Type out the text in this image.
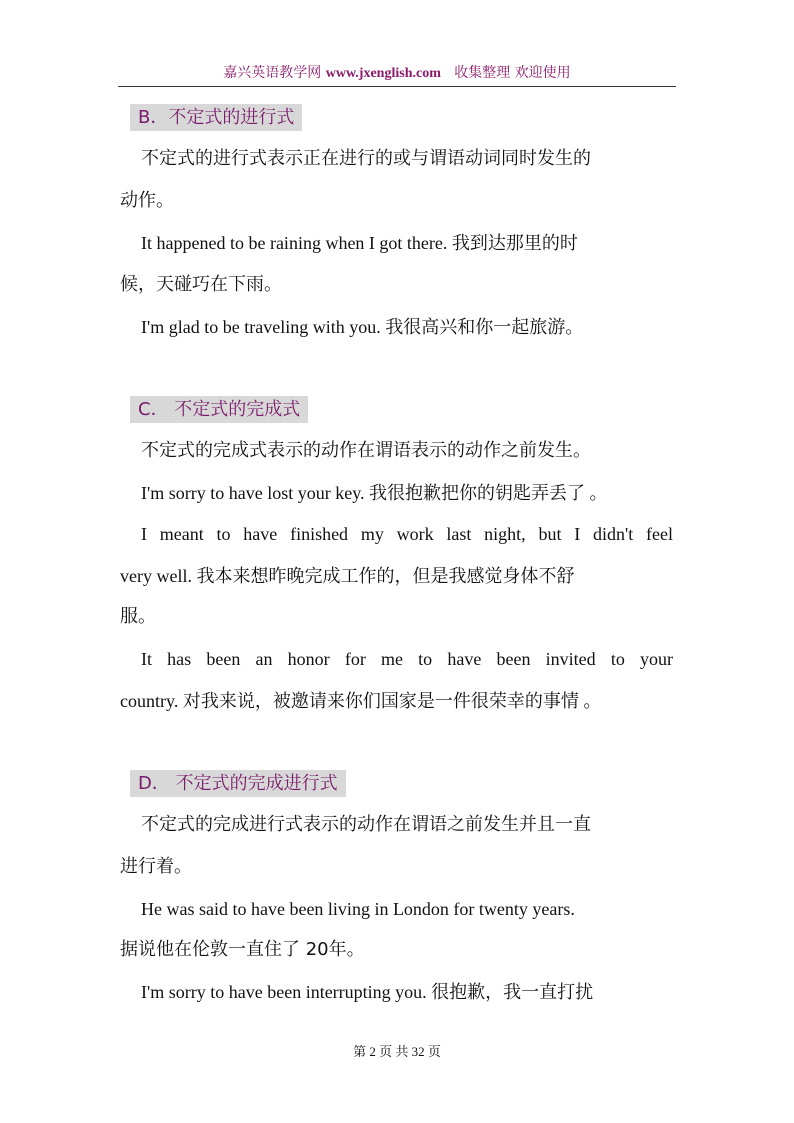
嘉兴英语教学网 www.jxenglish.com 收集整理 欢迎使用
B．不定式的进行式
不定式的进行式表示正在进行的或与谓语动词同时发生的
动作。
It happened to be raining when I got there. 我到达那里的时
候，天碰巧在下雨。
I'm glad to be traveling with you. 我很高兴和你一起旅游。
C． 不定式的完成式
不定式的完成式表示的动作在谓语表示的动作之前发生。
I'm sorry to have lost your key. 我很抱歉把你的钥匙弄丢了 。
I meant to have finished my work last night, but I didn't feel
very well. 我本来想昨晚完成工作的，但是我感觉身体不舒
服。
It has been an honor for me to have been invited to your
country. 对我来说，被邀请来你们国家是一件很荣幸的事情 。
D． 不定式的完成进行式
不定式的完成进行式表示的动作在谓语之前发生并且一直
进行着。
He was said to have been living in London for twenty years.
据说他在伦敦一直住了 20年。
I'm sorry to have been interrupting you. 很抱歉，我一直打扰
第 2 页 共 32 页
